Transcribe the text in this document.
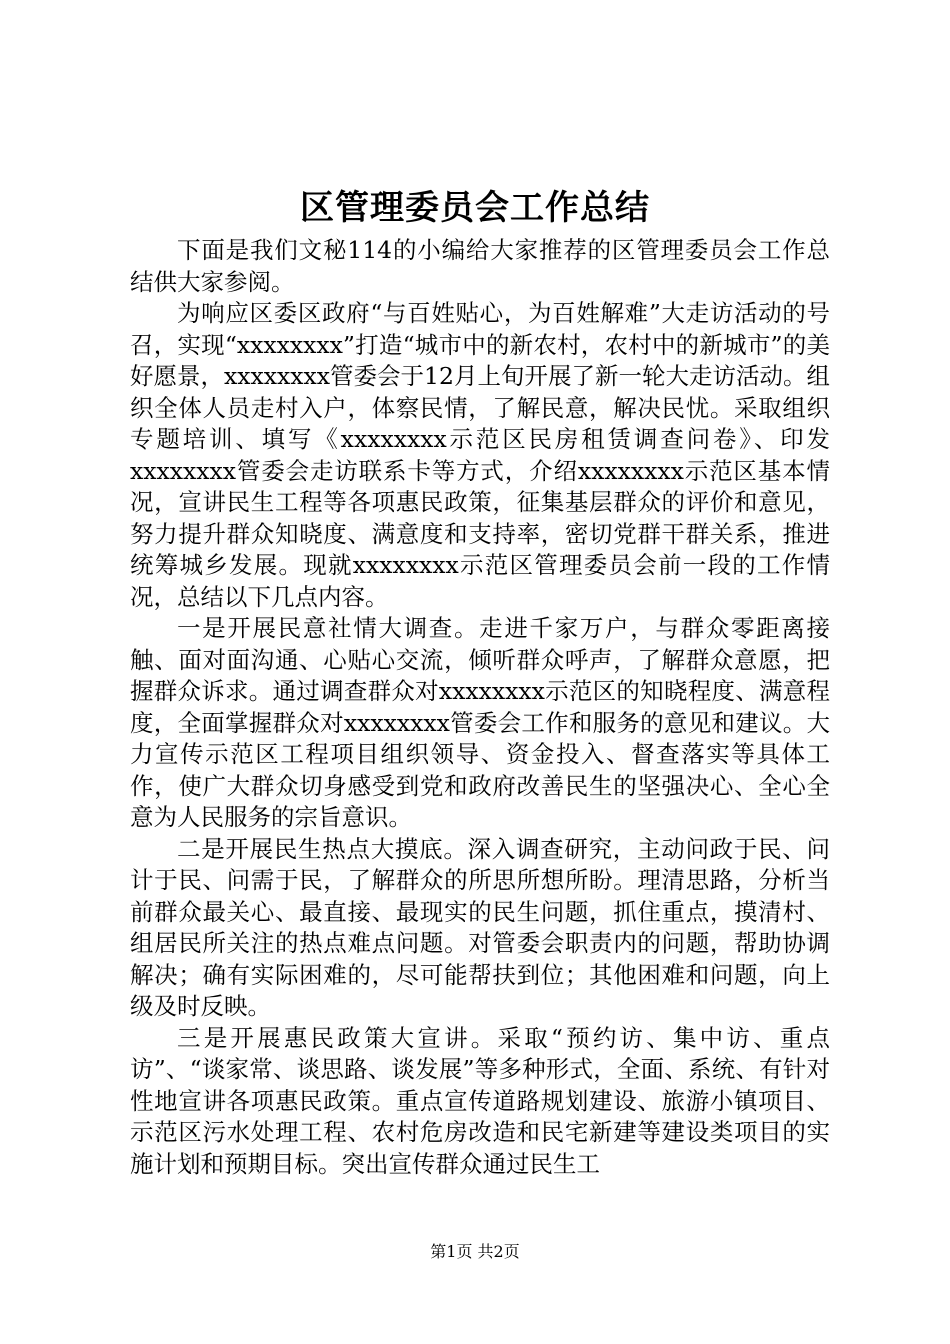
区管理委员会工作总结

下面是我们文秘114的小编给大家推荐的区管理委员会工作总结供大家参阅。

为响应区委区政府“与百姓贴心，为百姓解难”大走访活动的号召，实现“xxxxxxxx”打造“城市中的新农村，农村中的新城市”的美好愿景，xxxxxxxx管委会于12月上旬开展了新一轮大走访活动。组织全体人员走村入户，体察民情，了解民意，解决民忧。采取组织专题培训、填写《xxxxxxxx示范区民房租赁调查问卷》、印发xxxxxxxx管委会走访联系卡等方式，介绍xxxxxxxx示范区基本情况，宣讲民生工程等各项惠民政策，征集基层群众的评价和意见，努力提升群众知晓度、满意度和支持率，密切党群干群关系，推进统筹城乡发展。现就xxxxxxxx示范区管理委员会前一段的工作情况，总结以下几点内容。

一是开展民意社情大调查。走进千家万户，与群众零距离接触、面对面沟通、心贴心交流，倾听群众呼声，了解群众意愿，把握群众诉求。通过调查群众对xxxxxxxx示范区的知晓程度、满意程度，全面掌握群众对xxxxxxxx管委会工作和服务的意见和建议。大力宣传示范区工程项目组织领导、资金投入、督查落实等具体工作，使广大群众切身感受到党和政府改善民生的坚强决心、全心全意为人民服务的宗旨意识。

二是开展民生热点大摸底。深入调查研究，主动问政于民、问计于民、问需于民，了解群众的所思所想所盼。理清思路，分析当前群众最关心、最直接、最现实的民生问题，抓住重点，摸清村、组居民所关注的热点难点问题。对管委会职责内的问题，帮助协调解决；确有实际困难的，尽可能帮扶到位；其他困难和问题，向上级及时反映。

三是开展惠民政策大宣讲。采取“预约访、集中访、重点访”、“谈家常、谈思路、谈发展”等多种形式，全面、系统、有针对性地宣讲各项惠民政策。重点宣传道路规划建设、旅游小镇项目、示范区污水处理工程、农村危房改造和民宅新建等建设类项目的实施计划和预期目标。突出宣传群众通过民生工

第1页 共2页
